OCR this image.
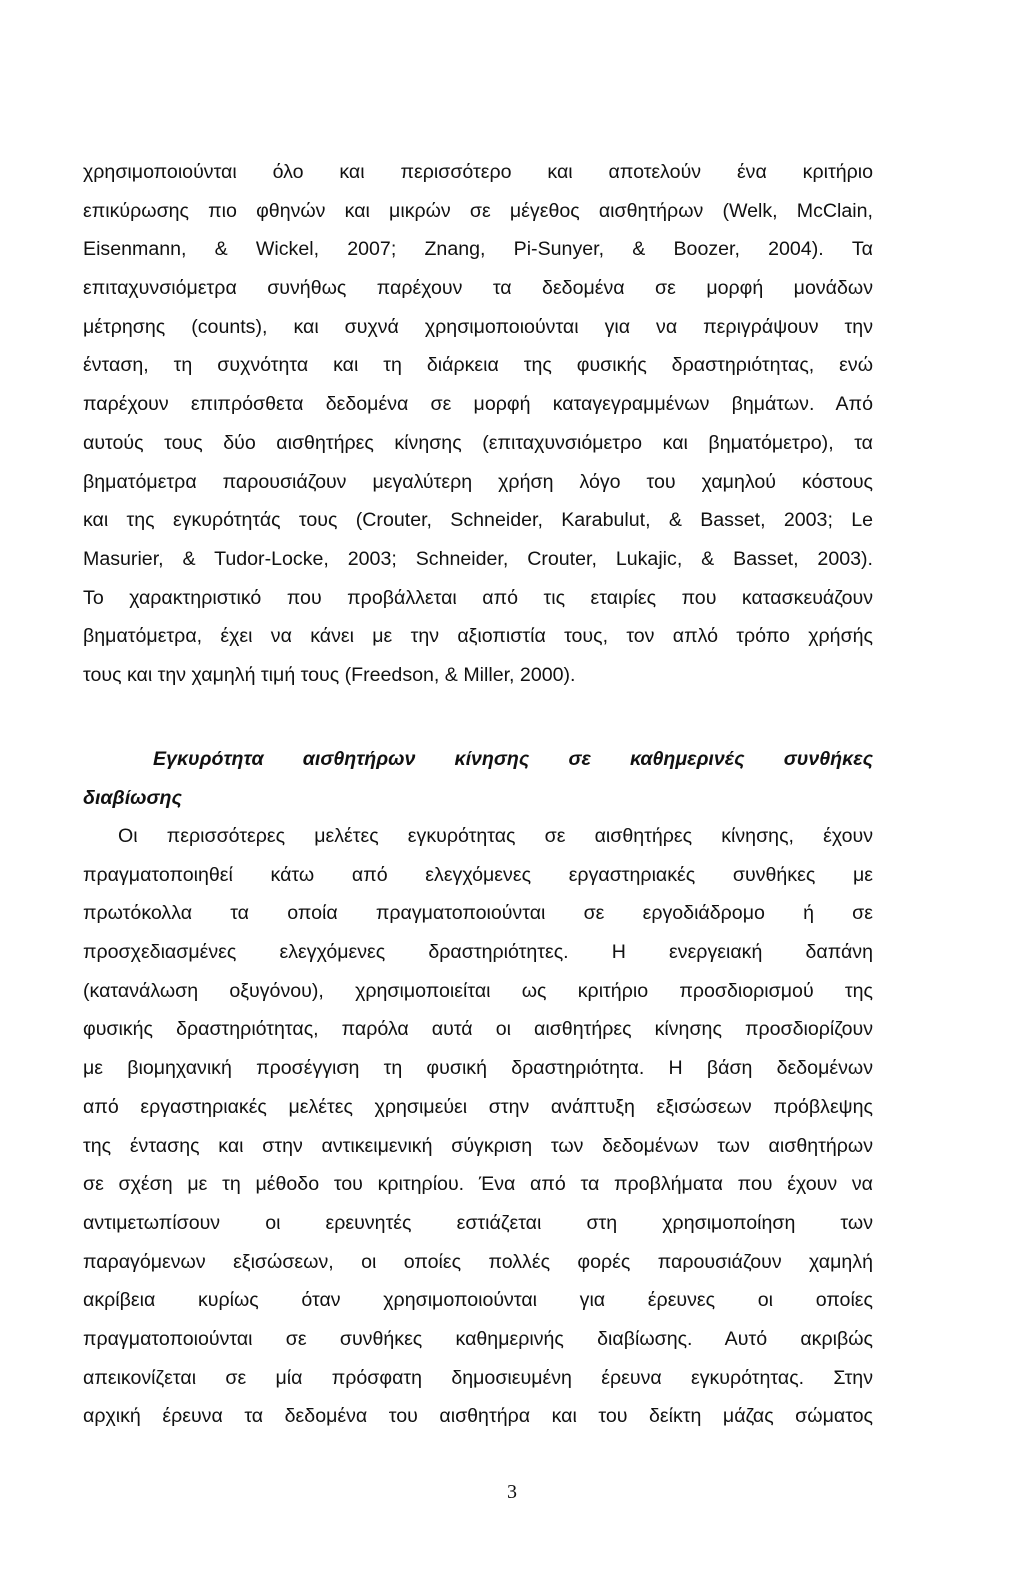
χρησιμοποιούνται όλο και περισσότερο και αποτελούν ένα κριτήριο
επικύρωσης πιο φθηνών και μικρών σε μέγεθος αισθητήρων (Welk, McClain,
Eisenmann, & Wickel, 2007; Znang, Pi-Sunyer, & Boozer, 2004). Τα
επιταχυνσιόμετρα συνήθως παρέχουν τα δεδομένα σε μορφή μονάδων
μέτρησης (counts), και συχνά χρησιμοποιούνται για να περιγράψουν την
ένταση, τη συχνότητα και τη διάρκεια της φυσικής δραστηριότητας, ενώ
παρέχουν επιπρόσθετα δεδομένα σε μορφή καταγεγραμμένων βημάτων. Από
αυτούς τους δύο αισθητήρες κίνησης (επιταχυνσιόμετρο και βηματόμετρο), τα
βηματόμετρα παρουσιάζουν μεγαλύτερη χρήση λόγο του χαμηλού κόστους
και της εγκυρότητάς τους (Crouter, Schneider, Karabulut, & Basset, 2003; Le
Masurier, & Tudor-Locke, 2003; Schneider, Crouter, Lukajic, & Basset, 2003).
Το χαρακτηριστικό που προβάλλεται από τις εταιρίες που κατασκευάζουν
βηματόμετρα, έχει να κάνει με την αξιοπιστία τους, τον απλό τρόπο χρήσής
τους και την χαμηλή τιμή τους (Freedson, & Miller, 2000).
Εγκυρότητα αισθητήρων κίνησης σε καθημερινές συνθήκες
διαβίωσης
Οι περισσότερες μελέτες εγκυρότητας σε αισθητήρες κίνησης, έχουν
πραγματοποιηθεί κάτω από ελεγχόμενες εργαστηριακές συνθήκες με
πρωτόκολλα τα οποία πραγματοποιούνται σε εργοδιάδρομο ή σε
προσχεδιασμένες ελεγχόμενες δραστηριότητες. Η ενεργειακή δαπάνη
(κατανάλωση οξυγόνου), χρησιμοποιείται ως κριτήριο προσδιορισμού της
φυσικής δραστηριότητας, παρόλα αυτά οι αισθητήρες κίνησης προσδιορίζουν
με βιομηχανική προσέγγιση τη φυσική δραστηριότητα. Η βάση δεδομένων
από εργαστηριακές μελέτες χρησιμεύει στην ανάπτυξη εξισώσεων πρόβλεψης
της έντασης και στην αντικειμενική σύγκριση των δεδομένων των αισθητήρων
σε σχέση με τη μέθοδο του κριτηρίου. Ένα από τα προβλήματα που έχουν να
αντιμετωπίσουν οι ερευνητές εστιάζεται στη χρησιμοποίηση των
παραγόμενων εξισώσεων, οι οποίες πολλές φορές παρουσιάζουν χαμηλή
ακρίβεια κυρίως όταν χρησιμοποιούνται για έρευνες οι οποίες
πραγματοποιούνται σε συνθήκες καθημερινής διαβίωσης. Αυτό ακριβώς
απεικονίζεται σε μία πρόσφατη δημοσιευμένη έρευνα εγκυρότητας. Στην
αρχική έρευνα τα δεδομένα του αισθητήρα και του δείκτη μάζας σώματος
3
